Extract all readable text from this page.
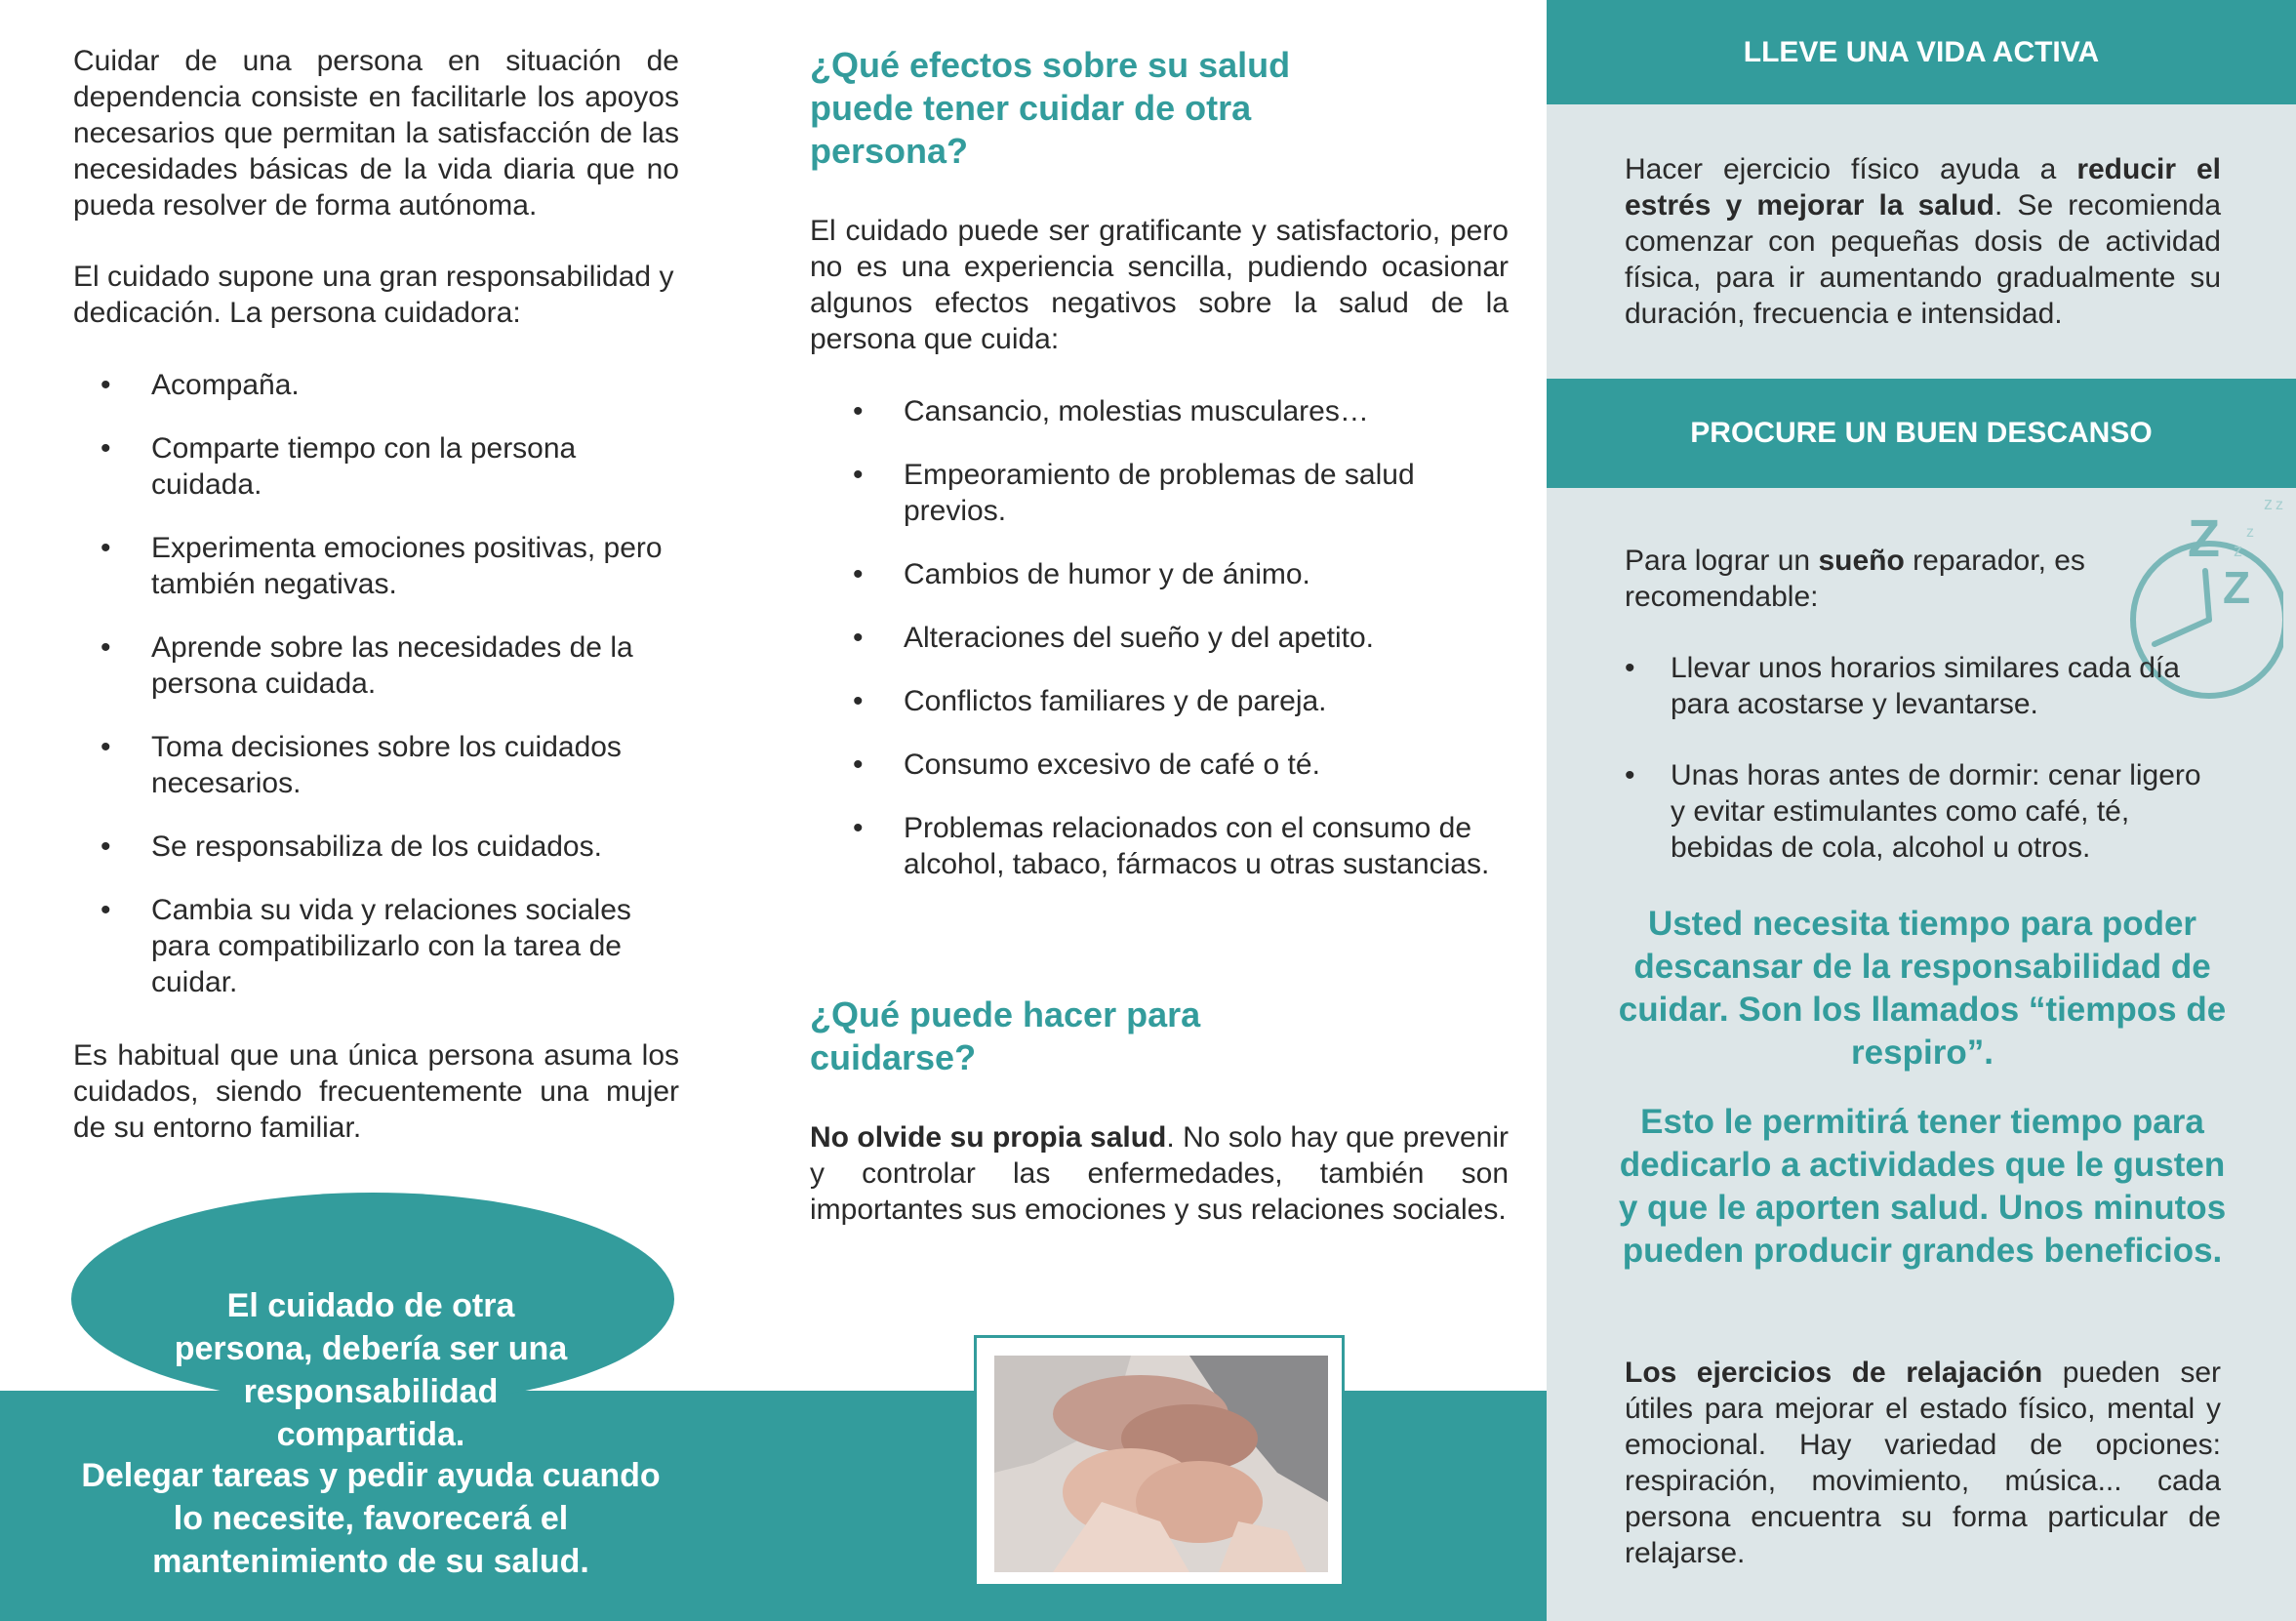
Cuidar de una persona en situación de dependencia consiste en facilitarle los apoyos necesarios que permitan la satisfacción de las necesidades básicas de la vida diaria que no pueda resolver de forma autónoma.

El cuidado supone una gran responsabilidad y dedicación. La persona cuidadora:

• Acompaña.
• Comparte tiempo con la persona cuidada.
• Experimenta emociones positivas, pero también negativas.
• Aprende sobre las necesidades de la persona cuidada.
• Toma decisiones sobre los cuidados necesarios.
• Se responsabiliza de los cuidados.
• Cambia su vida y relaciones sociales para compatibilizarlo con la tarea de cuidar.

Es habitual que una única persona asuma los cuidados, siendo frecuentemente una mujer de su entorno familiar.

El cuidado de otra persona, debería ser una responsabilidad compartida.

Delegar tareas y pedir ayuda cuando lo necesite, favorecerá el mantenimiento de su salud.

¿Qué efectos sobre su salud puede tener cuidar de otra persona?

El cuidado puede ser gratificante y satisfactorio, pero no es una experiencia sencilla, pudiendo ocasionar algunos efectos negativos sobre la salud de la persona que cuida:

• Cansancio, molestias musculares…
• Empeoramiento de problemas de salud previos.
• Cambios de humor y de ánimo.
• Alteraciones del sueño y del apetito.
• Conflictos familiares y de pareja.
• Consumo excesivo de café o té.
• Problemas relacionados con el consumo de alcohol, tabaco, fármacos u otras sustancias.
¿Qué puede hacer para cuidarse?

No olvide su propia salud. No solo hay que prevenir y controlar las enfermedades, también son importantes sus emociones y sus relaciones sociales.

LLEVE UNA VIDA ACTIVA

Hacer ejercicio físico ayuda a reducir el estrés y mejorar la salud. Se recomienda comenzar con pequeñas dosis de actividad física, para ir aumentando gradualmente su duración, frecuencia e intensidad.

PROCURE UN BUEN DESCANSO

Para lograr un sueño reparador, es recomendable:

Z
Z
z
z
z z
• Llevar unos horarios similares cada día para acostarse y levantarse.
• Unas horas antes de dormir: cenar ligero y evitar estimulantes como café, té, bebidas de cola, alcohol u otros.

Usted necesita tiempo para poder descansar de la responsabilidad de cuidar. Son los llamados “tiempos de respiro”.

Esto le permitirá tener tiempo para dedicarlo a actividades que le gusten y que le aporten salud. Unos minutos pueden producir grandes beneficios.

Los ejercicios de relajación pueden ser útiles para mejorar el estado físico, mental y emocional. Hay variedad de opciones: respiración, movimiento, música... cada persona encuentra su forma particular de relajarse.
